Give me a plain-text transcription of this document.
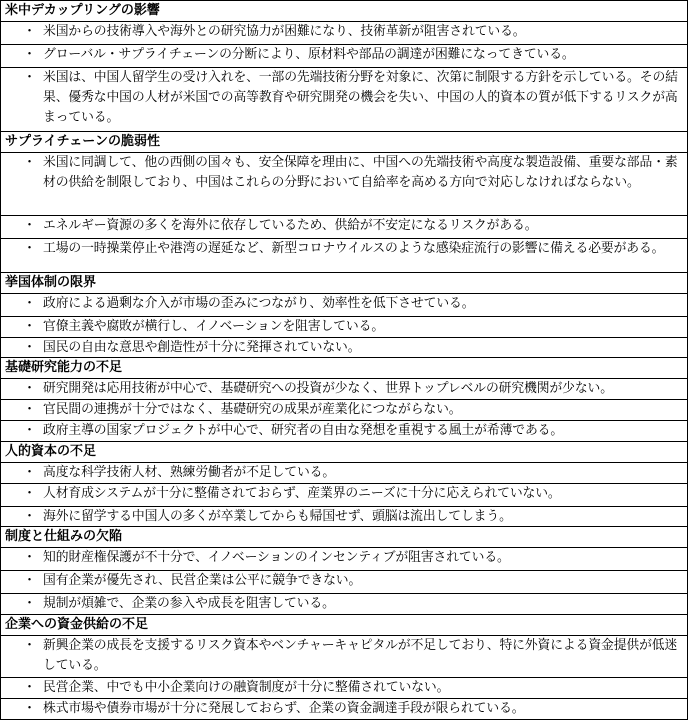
米中デカップリングの影響
・ 米国からの技術導入や海外との研究協力が困難になり、技術革新が阻害されている。
・ グローバル・サプライチェーンの分断により、原材料や部品の調達が困難になってきている。
・ 米国は、中国人留学生の受け入れを、一部の先端技術分野を対象に、次第に制限する方針を示している。その結果、優秀な中国の人材が米国での高等教育や研究開発の機会を失い、中国の人的資本の質が低下するリスクが高まっている。
サプライチェーンの脆弱性
・ 米国に同調して、他の西側の国々も、安全保障を理由に、中国への先端技術や高度な製造設備、重要な部品・素材の供給を制限しており、中国はこれらの分野において自給率を高める方向で対応しなければならない。
・ エネルギー資源の多くを海外に依存しているため、供給が不安定になるリスクがある。
・ 工場の一時操業停止や港湾の遅延など、新型コロナウイルスのような感染症流行の影響に備える必要がある。
挙国体制の限界
・ 政府による過剰な介入が市場の歪みにつながり、効率性を低下させている。
・ 官僚主義や腐敗が横行し、イノベーションを阻害している。
・ 国民の自由な意思や創造性が十分に発揮されていない。
基礎研究能力の不足
・ 研究開発は応用技術が中心で、基礎研究への投資が少なく、世界トップレベルの研究機関が少ない。
・ 官民間の連携が十分ではなく、基礎研究の成果が産業化につながらない。
・ 政府主導の国家プロジェクトが中心で、研究者の自由な発想を重視する風土が希薄である。
人的資本の不足
・ 高度な科学技術人材、熟練労働者が不足している。
・ 人材育成システムが十分に整備されておらず、産業界のニーズに十分に応えられていない。
・ 海外に留学する中国人の多くが卒業してからも帰国せず、頭脳は流出してしまう。
制度と仕組みの欠陥
・ 知的財産権保護が不十分で、イノベーションのインセンティブが阻害されている。
・ 国有企業が優先され、民営企業は公平に競争できない。
・ 規制が煩雑で、企業の参入や成長を阻害している。
企業への資金供給の不足
・ 新興企業の成長を支援するリスク資本やベンチャーキャピタルが不足しており、特に外資による資金提供が低迷している。
・ 民営企業、中でも中小企業向けの融資制度が十分に整備されていない。
・ 株式市場や債券市場が十分に発展しておらず、企業の資金調達手段が限られている。
